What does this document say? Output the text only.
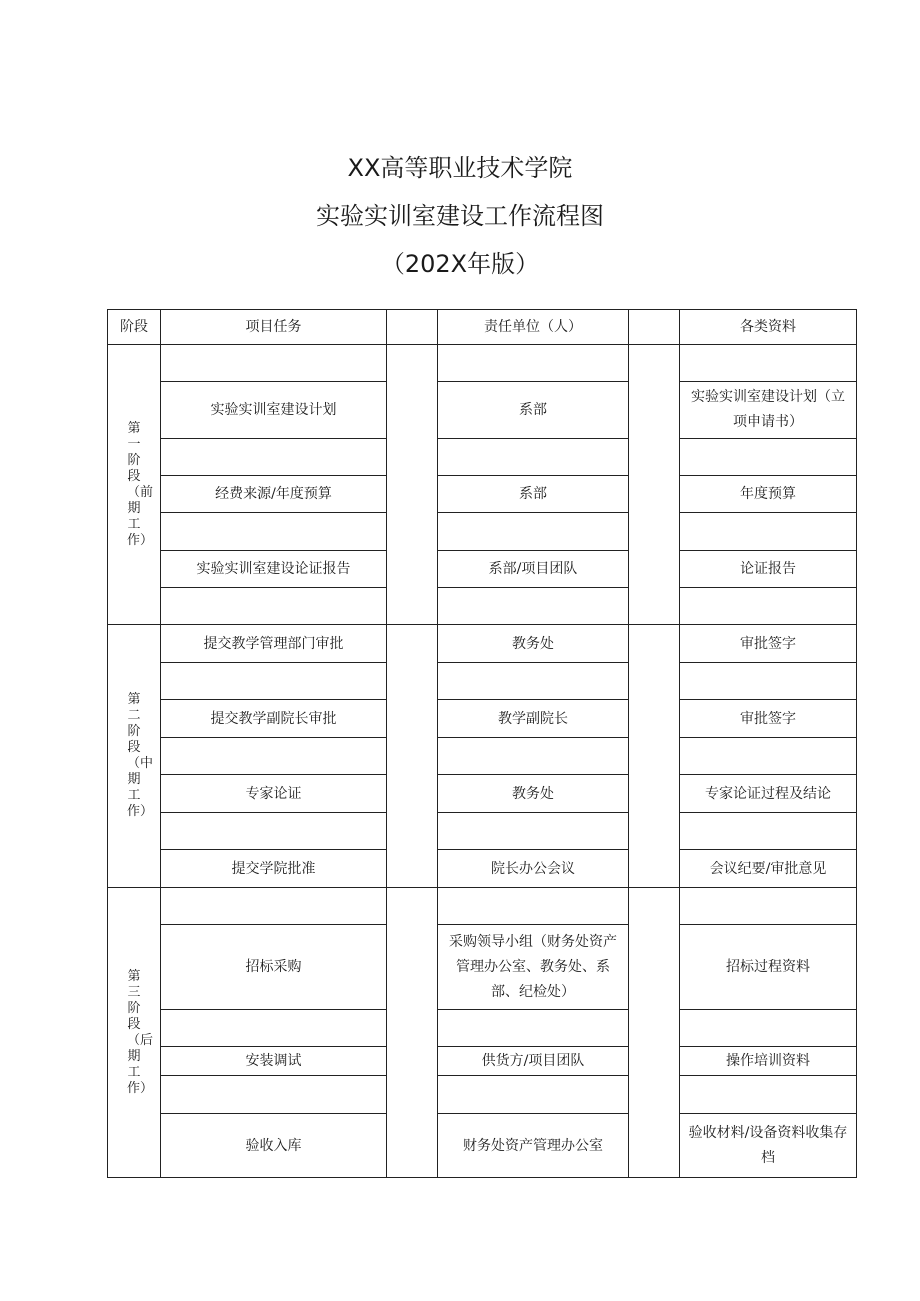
XX高等职业技术学院
实验实训室建设工作流程图
（202X年版）
阶段	项目任务		责任单位（人）		各类资料
第一阶段（前期工作）					
	实验实训室建设计划		系部		实验实训室建设计划（立项申请书）

	经费来源/年度预算		系部		年度预算

	实验实训室建设论证报告		系部/项目团队		论证报告

第二阶段（中期工作）	提交教学管理部门审批		教务处		审批签字

	提交教学副院长审批		教学副院长		审批签字

	专家论证		教务处		专家论证过程及结论

	提交学院批准		院长办公会议		会议纪要/审批意见
第三阶段（后期工作）					
	招标采购		采购领导小组（财务处资产管理办公室、教务处、系部、纪检处）		招标过程资料

	安装调试		供货方/项目团队		操作培训资料

	验收入库		财务处资产管理办公室		验收材料/设备资料收集存档
